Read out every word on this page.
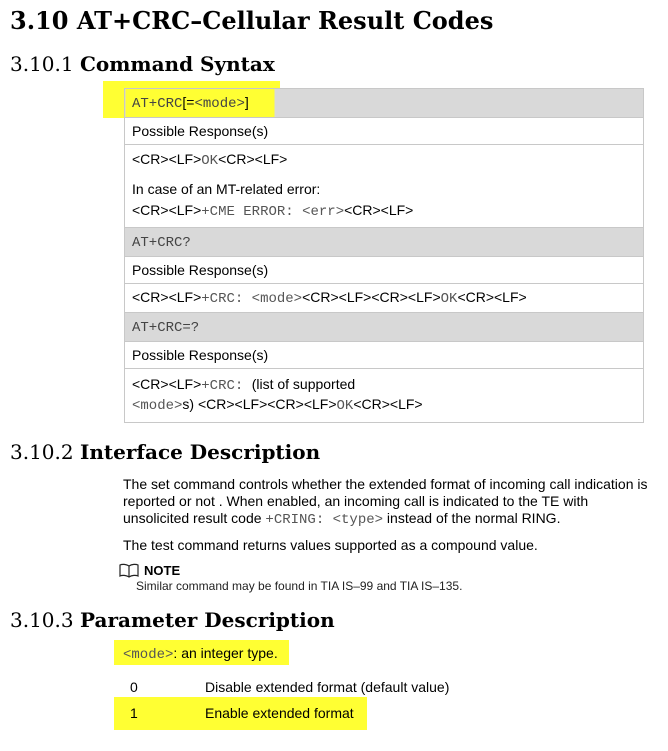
3.10 AT+CRC–Cellular Result Codes
3.10.1 Command Syntax
AT+CRC[=<mode>]
Possible Response(s)

<CR><LF>OK<CR><LF>
In case of an MT-related error:
<CR><LF>+CME ERROR: <err><CR><LF>

AT+CRC?
Possible Response(s)
<CR><LF>+CRC: <mode><CR><LF><CR><LF>OK<CR><LF>
AT+CRC=?
Possible Response(s)

<CR><LF>+CRC: (list of supported
<mode>s) <CR><LF><CR><LF>OK<CR><LF>
3.10.2 Interface Description
The set command controls whether the extended format of incoming call indication is reported or not . When enabled, an incoming call is indicated to the TE with unsolicited result code +CRING: <type> instead of the normal RING.
The test command returns values supported as a compound value.
NOTE
Similar command may be found in TIA IS–99 and TIA IS–135.
3.10.3 Parameter Description
<mode>: an integer type.
0	Disable extended format (default value)
1	Enable extended format
